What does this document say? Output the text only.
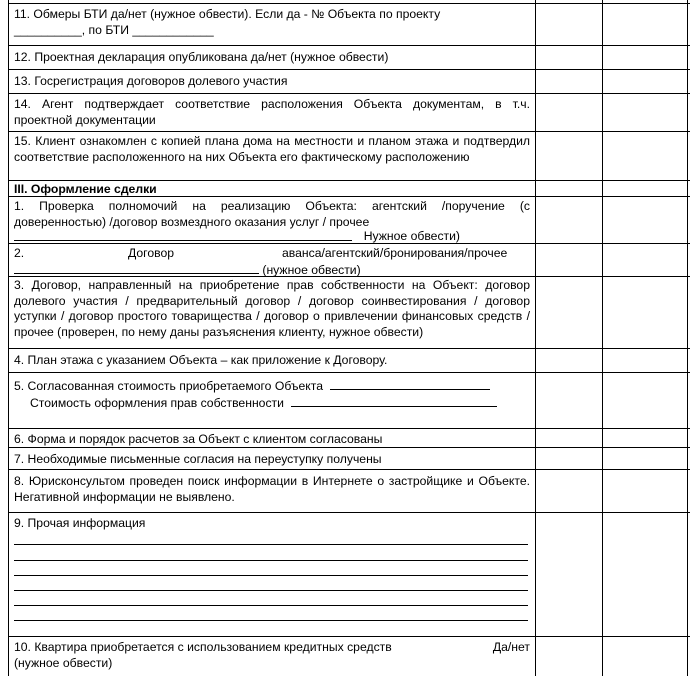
11. Обмеры БТИ да/нет (нужное обвести). Если да - № Объекта по проекту
__________, по БТИ ____________
12. Проектная декларация опубликована да/нет (нужное обвести)
13. Госрегистрация договоров долевого участия
14. Агент подтверждает соответствие расположения Объекта документам, в т.ч. проектной документации
15. Клиент ознакомлен с копией плана дома на местности и планом этажа и подтвердил соответствие расположенного на них Объекта его фактическому расположению
III. Оформление сделки
1. Проверка полномочий на реализацию Объекта: агентский /поручение (с доверенностью) /договор возмездного оказания услуг / прочее
Нужное обвести)
2.	Договор	аванса/агентский/бронирования/прочее

(нужное обвести)
3. Договор, направленный на приобретение прав собственности на Объект: договор долевого участия / предварительный договор / договор соинвестирования / договор уступки / договор простого товарищества / договор о привлечении финансовых средств /прочее (проверен, по нему даны разъяснения клиенту, нужное обвести)
4. План этажа с указанием Объекта – как приложение к Договору.
5. Согласованная стоимость приобретаемого Объекта
Стоимость оформления прав собственности
6. Форма и порядок расчетов за Объект с клиентом согласованы
7. Необходимые письменные согласия на переуступку получены
8. Юрисконсультом проведен поиск информации в Интернете о застройщике и Объекте. Негативной информации не выявлено.
9. Прочая информация
10. Квартира приобретается с использованием кредитных средств	Да/нет

(нужное обвести)
